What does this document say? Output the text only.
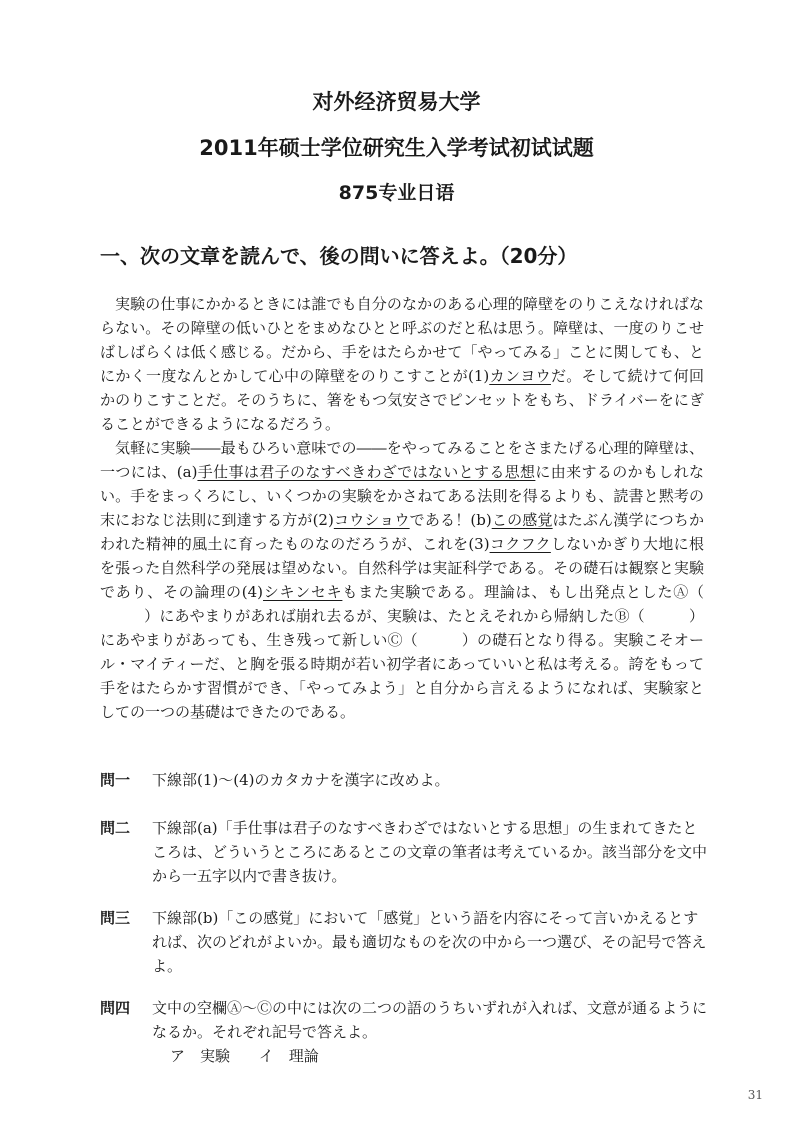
对外经济贸易大学
2011年硕士学位研究生入学考试初试试题
875专业日语
一、次の文章を読んで、後の問いに答えよ。（20分）

実験の仕事にかかるときには誰でも自分のなかのある心理的障壁をのりこえなければならない。その障壁の低いひとをまめなひとと呼ぶのだと私は思う。障壁は、一度のりこせばしばらくは低く感じる。だから、手をはたらかせて「やってみる」ことに関しても、とにかく一度なんとかして心中の障壁をのりこすことが(1)カンヨウだ。そして続けて何回かのりこすことだ。そのうちに、箸をもつ気安さでピンセットをもち、ドライバーをにぎることができるようになるだろう。

気軽に実験――最もひろい意味での――をやってみることをさまたげる心理的障壁は、一つには、(a)手仕事は君子のなすべきわざではないとする思想に由来するのかもしれない。手をまっくろにし、いくつかの実験をかさねてある法則を得るよりも、読書と黙考の末におなじ法則に到達する方が(2)コウショウである！(b)この感覚はたぶん漢学につちかわれた精神的風土に育ったものなのだろうが、これを(3)コクフクしないかぎり大地に根を張った自然科学の発展は望めない。自然科学は実証科学である。その礎石は観察と実験であり、その論理の(4)シキンセキもまた実験である。理論は、もし出発点としたⒶ（）にあやまりがあれば崩れ去るが、実験は、たとえそれから帰納したⒷ（	）にあやまりがあっても、生き残って新しいⒸ（	）の礎石となり得る。実験こそオール・マイティーだ、と胸を張る時期が若い初学者にあっていいと私は考える。誇をもって手をはたらかす習慣ができ、「やってみよう」と自分から言えるようになれば、実験家としての一つの基礎はできたのである。

問一 下線部(1)～(4)のカタカナを漢字に改めよ。
問二 下線部(a)「手仕事は君子のなすべきわざではないとする思想」の生まれてきたところは、どういうところにあるとこの文章の筆者は考えているか。該当部分を文中から一五字以内で書き抜け。
問三 下線部(b)「この感覚」において「感覚」という語を内容にそって言いかえるとすれば、次のどれがよいか。最も適切なものを次の中から一つ選び、その記号で答えよ。
問四 文中の空欄Ⓐ～Ⓒの中には次の二つの語のうちいずれが入れば、文意が通るようになるか。それぞれ記号で答えよ。
ア　実験 イ　理論
31
